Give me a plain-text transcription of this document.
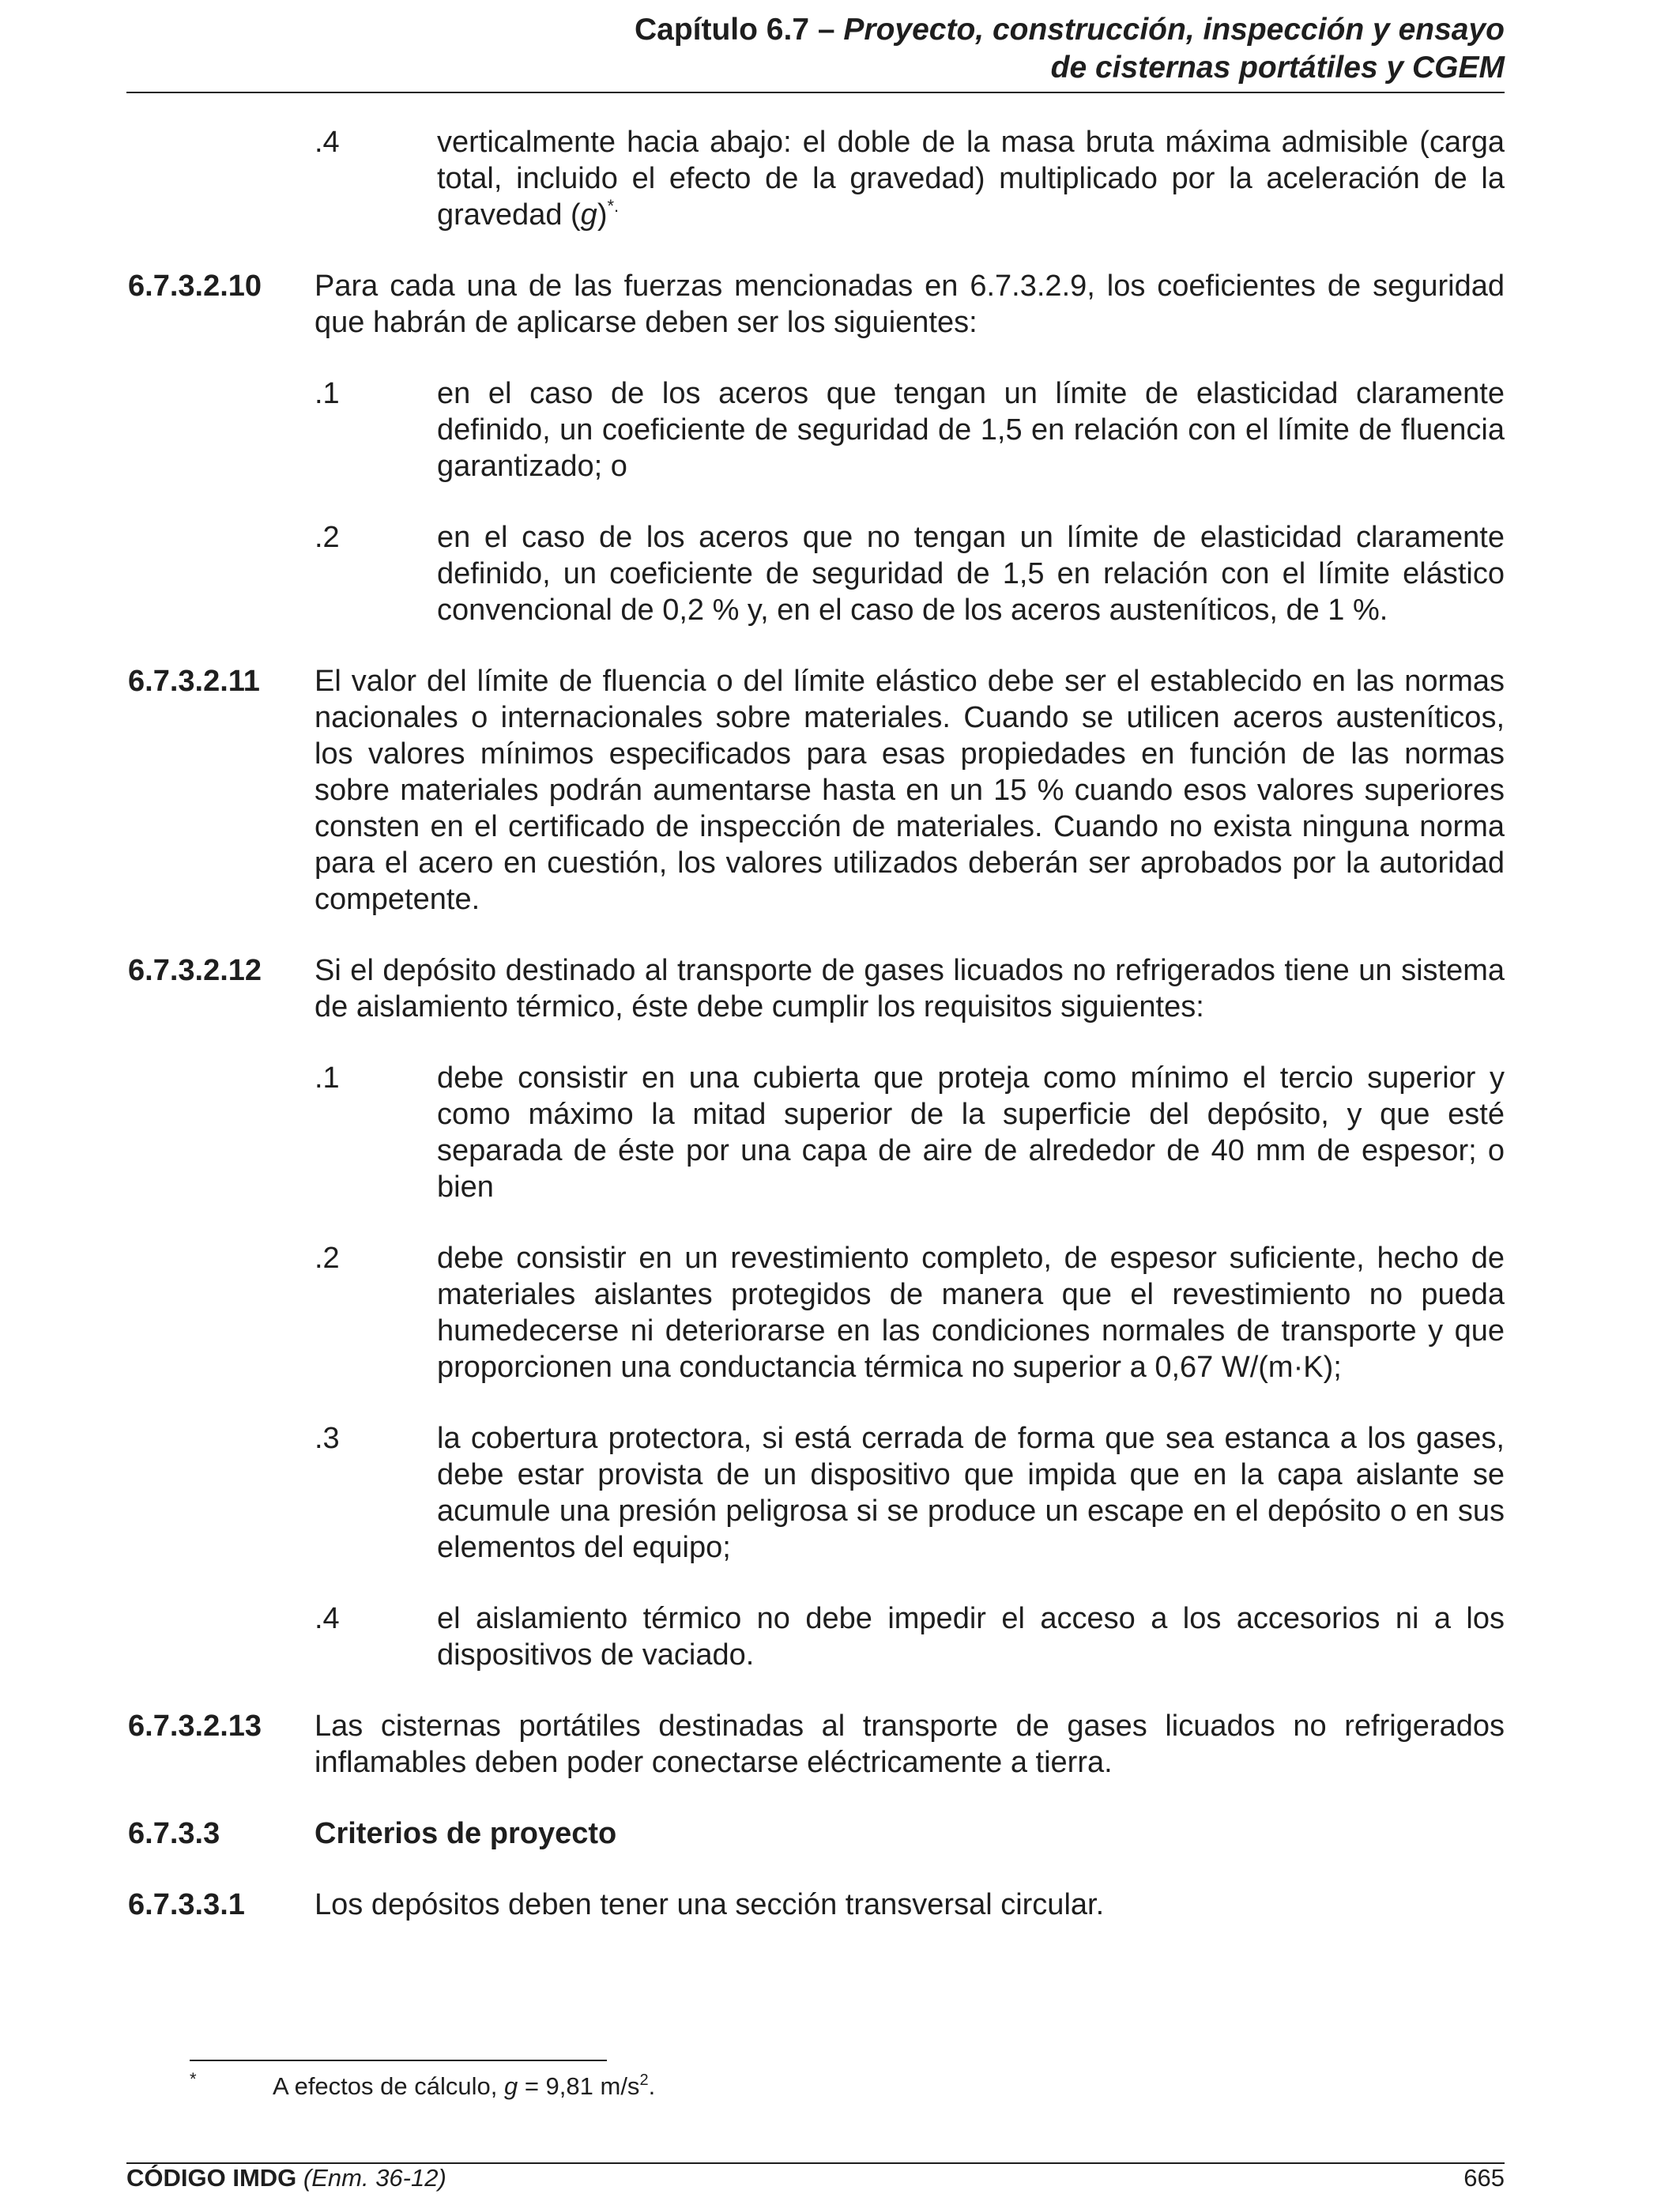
Capítulo 6.7 – Proyecto, construcción, inspección y ensayo
de cisternas portátiles y CGEM
.4	verticalmente hacia abajo: el doble de la masa bruta máxima admisible (carga total, incluido el efecto de la gravedad) multiplicado por la aceleración de la gravedad (g)*.
6.7.3.2.10	Para cada una de las fuerzas mencionadas en 6.7.3.2.9, los coeficientes de seguridad que habrán de aplicarse deben ser los siguientes:
.1	en el caso de los aceros que tengan un límite de elasticidad claramente definido, un coeficiente de seguridad de 1,5 en relación con el límite de fluencia garantizado; o
.2	en el caso de los aceros que no tengan un límite de elasticidad claramente definido, un coeficiente de seguridad de 1,5 en relación con el límite elástico convencional de 0,2 % y, en el caso de los aceros austeníticos, de 1 %.
6.7.3.2.11	El valor del límite de fluencia o del límite elástico debe ser el establecido en las normas nacionales o internacionales sobre materiales. Cuando se utilicen aceros austeníticos, los valores mínimos especificados para esas propiedades en función de las normas sobre materiales podrán aumentarse hasta en un 15 % cuando esos valores superiores consten en el certificado de inspección de materiales. Cuando no exista ninguna norma para el acero en cuestión, los valores utilizados deberán ser aprobados por la autoridad competente.
6.7.3.2.12	Si el depósito destinado al transporte de gases licuados no refrigerados tiene un sistema de aislamiento térmico, éste debe cumplir los requisitos siguientes:
.1	debe consistir en una cubierta que proteja como mínimo el tercio superior y como máximo la mitad superior de la superficie del depósito, y que esté separada de éste por una capa de aire de alrededor de 40 mm de espesor; o bien
.2	debe consistir en un revestimiento completo, de espesor suficiente, hecho de materiales aislantes protegidos de manera que el revestimiento no pueda humedecerse ni deteriorarse en las condiciones normales de transporte y que proporcionen una conductancia térmica no superior a 0,67 W/(m·K);
.3	la cobertura protectora, si está cerrada de forma que sea estanca a los gases, debe estar provista de un dispositivo que impida que en la capa aislante se acumule una presión peligrosa si se produce un escape en el depósito o en sus elementos del equipo;
.4	el aislamiento térmico no debe impedir el acceso a los accesorios ni a los dispositivos de vaciado.
6.7.3.2.13	Las cisternas portátiles destinadas al transporte de gases licuados no refrigerados inflamables deben poder conectarse eléctricamente a tierra.
6.7.3.3	Criterios de proyecto
6.7.3.3.1	Los depósitos deben tener una sección transversal circular.
*	A efectos de cálculo, g = 9,81 $m/s^2$.
CÓDIGO IMDG (Enm. 36-12)	665
